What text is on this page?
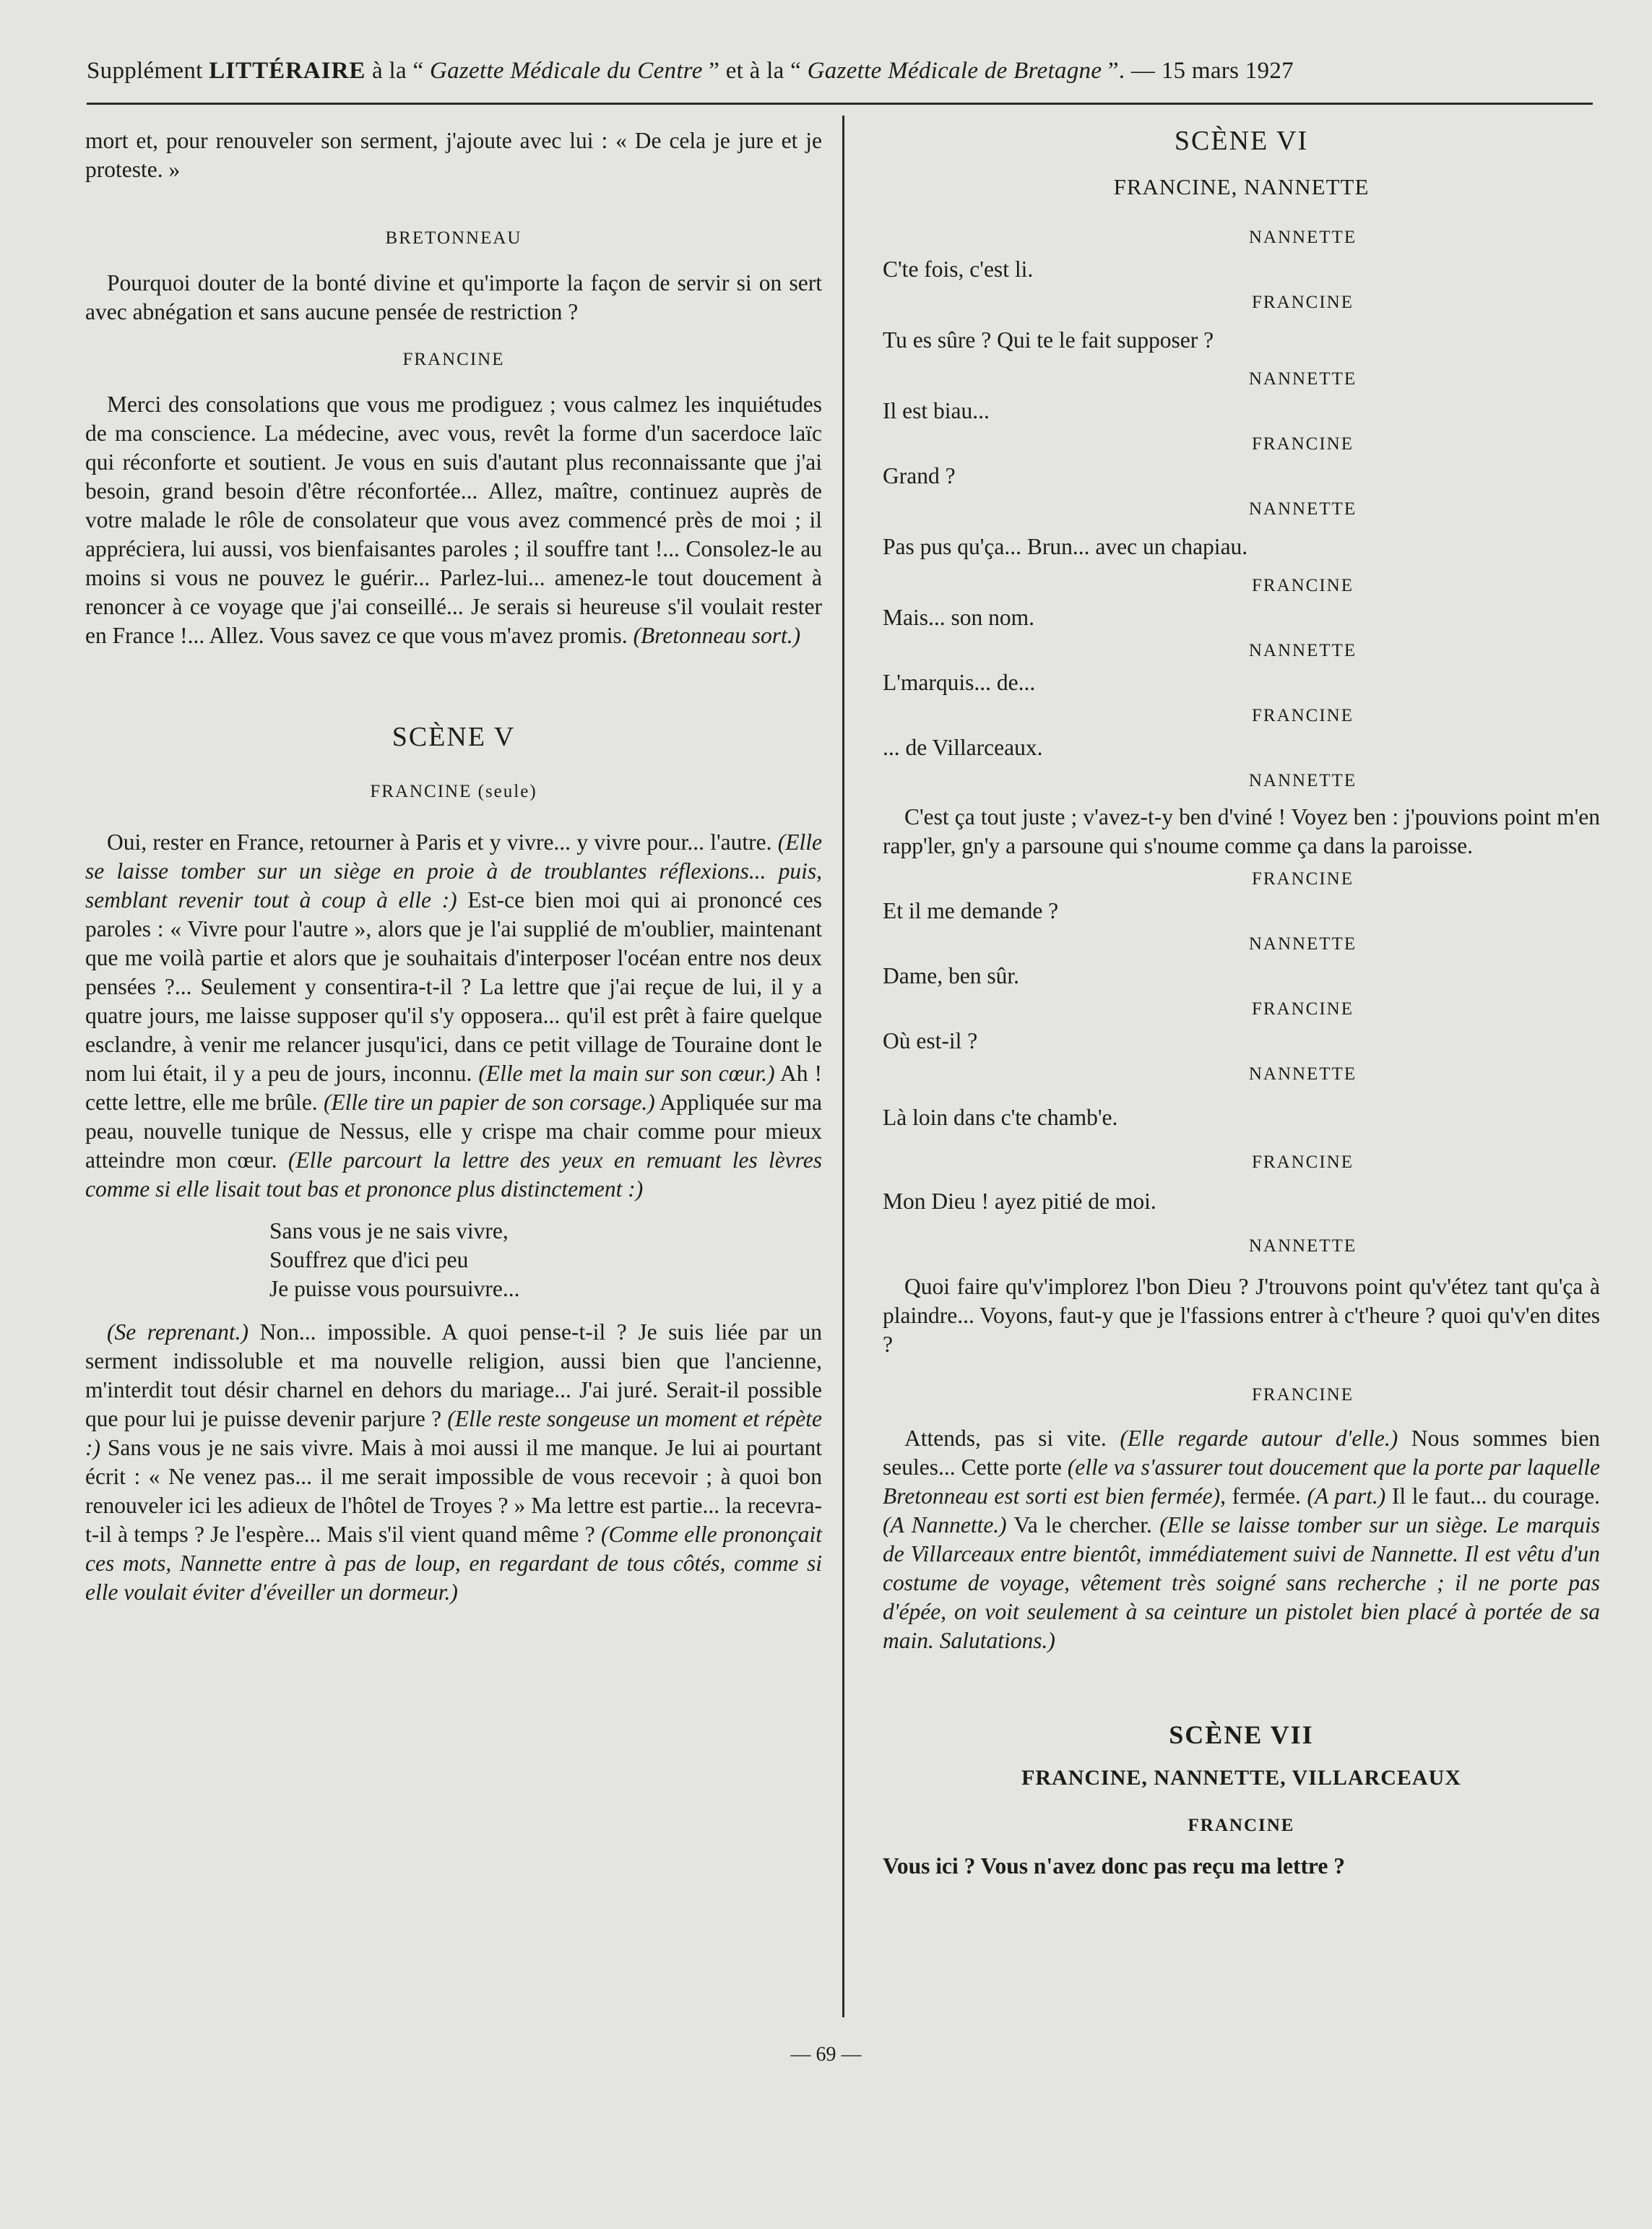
Supplément LITTÉRAIRE à la “ Gazette Médicale du Centre ” et à la “ Gazette Médicale de Bretagne ”. — 15 mars 1927

mort et, pour renouveler son serment, j'ajoute avec lui : « De cela je jure et je proteste. »

BRETONNEAU

Pourquoi douter de la bonté divine et qu'importe la façon de servir si on sert avec abnégation et sans aucune pensée de restriction ?

FRANCINE

Merci des consolations que vous me prodiguez ; vous calmez les inquiétudes de ma conscience. La médecine, avec vous, revêt la forme d'un sacerdoce laïc qui réconforte et soutient. Je vous en suis d'autant plus reconnaissante que j'ai besoin, grand besoin d'être réconfortée... Allez, maître, continuez auprès de votre malade le rôle de consolateur que vous avez commencé près de moi ; il appréciera, lui aussi, vos bienfaisantes paroles ; il souffre tant !... Consolez-le au moins si vous ne pouvez le guérir... Parlez-lui... amenez-le tout doucement à renoncer à ce voyage que j'ai conseillé... Je serais si heureuse s'il voulait rester en France !... Allez. Vous savez ce que vous m'avez promis. (Bretonneau sort.)

SCÈNE V
FRANCINE (seule)

Oui, rester en France, retourner à Paris et y vivre... y vivre pour... l'autre. (Elle se laisse tomber sur un siège en proie à de troublantes réflexions... puis, semblant revenir tout à coup à elle :) Est-ce bien moi qui ai prononcé ces paroles : « Vivre pour l'autre », alors que je l'ai supplié de m'oublier, maintenant que me voilà partie et alors que je souhaitais d'interposer l'océan entre nos deux pensées ?... Seulement y consentira-t-il ? La lettre que j'ai reçue de lui, il y a quatre jours, me laisse supposer qu'il s'y opposera... qu'il est prêt à faire quelque esclandre, à venir me relancer jusqu'ici, dans ce petit village de Touraine dont le nom lui était, il y a peu de jours, inconnu. (Elle met la main sur son cœur.) Ah ! cette lettre, elle me brûle. (Elle tire un papier de son corsage.) Appliquée sur ma peau, nouvelle tunique de Nessus, elle y crispe ma chair comme pour mieux atteindre mon cœur. (Elle parcourt la lettre des yeux en remuant les lèvres comme si elle lisait tout bas et prononce plus distinctement :)

Sans vous je ne sais vivre,

Souffrez que d'ici peu

Je puisse vous poursuivre...

(Se reprenant.) Non... impossible. A quoi pense-t-il ? Je suis liée par un serment indissoluble et ma nouvelle religion, aussi bien que l'ancienne, m'interdit tout désir charnel en dehors du mariage... J'ai juré. Serait-il possible que pour lui je puisse devenir parjure ? (Elle reste songeuse un moment et répète :) Sans vous je ne sais vivre. Mais à moi aussi il me manque. Je lui ai pourtant écrit : « Ne venez pas... il me serait impossible de vous recevoir ; à quoi bon renouveler ici les adieux de l'hôtel de Troyes ? » Ma lettre est partie... la recevra-t-il à temps ? Je l'espère... Mais s'il vient quand même ? (Comme elle prononçait ces mots, Nannette entre à pas de loup, en regardant de tous côtés, comme si elle voulait éviter d'éveiller un dormeur.)

SCÈNE VI
FRANCINE, NANNETTE
NANNETTE

C'te fois, c'est li.

FRANCINE

Tu es sûre ? Qui te le fait supposer ?

NANNETTE

Il est biau...

FRANCINE

Grand ?

NANNETTE

Pas pus qu'ça... Brun... avec un chapiau.

FRANCINE

Mais... son nom.

NANNETTE

L'marquis... de...

FRANCINE

... de Villarceaux.

NANNETTE

C'est ça tout juste ; v'avez-t-y ben d'viné ! Voyez ben : j'pouvions point m'en rapp'ler, gn'y a parsoune qui s'noume comme ça dans la paroisse.

FRANCINE

Et il me demande ?

NANNETTE

Dame, ben sûr.

FRANCINE

Où est-il ?

NANNETTE

Là loin dans c'te chamb'e.

FRANCINE

Mon Dieu ! ayez pitié de moi.

NANNETTE

Quoi faire qu'v'implorez l'bon Dieu ? J'trouvons point qu'v'étez tant qu'ça à plaindre... Voyons, faut-y que je l'fassions entrer à c't'heure ? quoi qu'v'en dites ?

FRANCINE

Attends, pas si vite. (Elle regarde autour d'elle.) Nous sommes bien seules... Cette porte (elle va s'assurer tout doucement que la porte par laquelle Bretonneau est sorti est bien fermée), fermée. (A part.) Il le faut... du courage. (A Nannette.) Va le chercher. (Elle se laisse tomber sur un siège. Le marquis de Villarceaux entre bientôt, immédiatement suivi de Nannette. Il est vêtu d'un costume de voyage, vêtement très soigné sans recherche ; il ne porte pas d'épée, on voit seulement à sa ceinture un pistolet bien placé à portée de sa main. Salutations.)

SCÈNE VII
FRANCINE, NANNETTE, VILLARCEAUX
FRANCINE

Vous ici ? Vous n'avez donc pas reçu ma lettre ?

— 69 —
